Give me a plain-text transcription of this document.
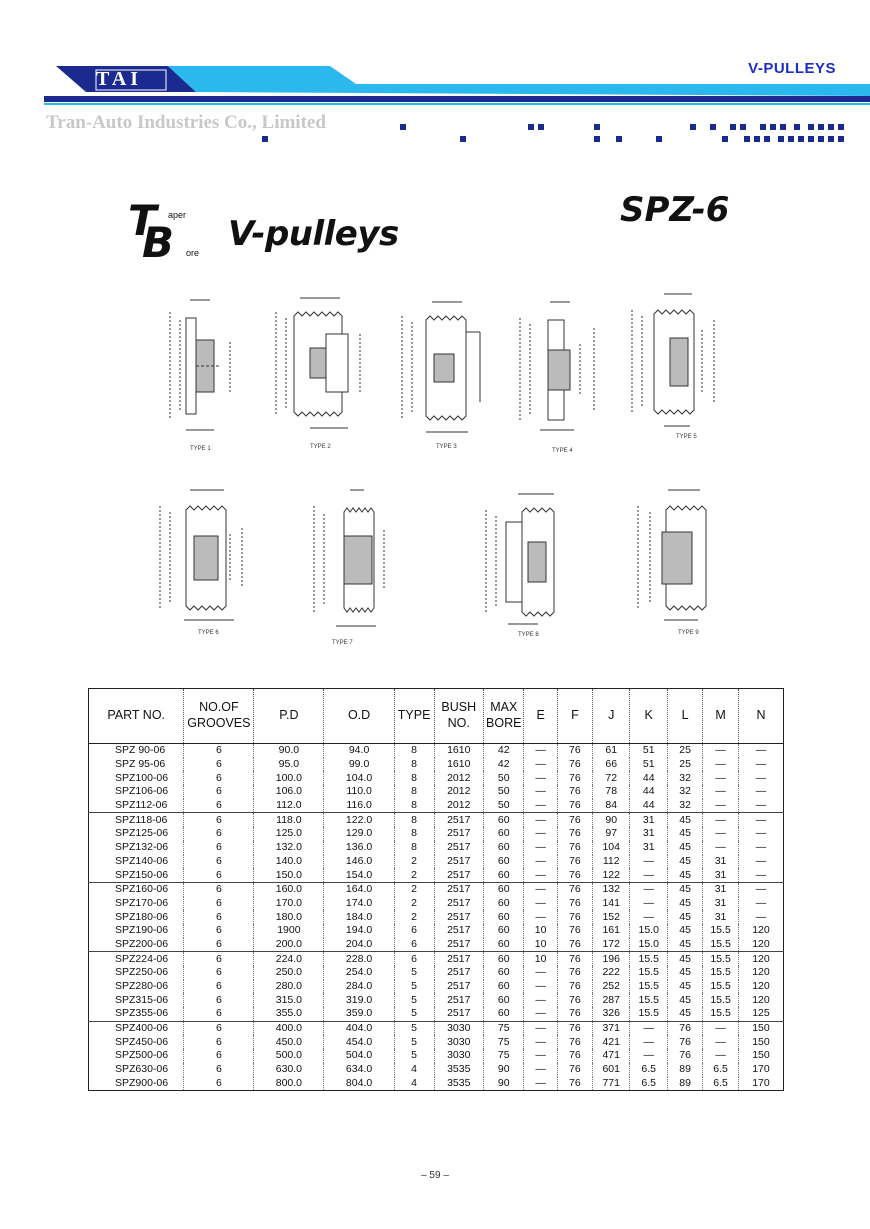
TAI	V-PULLEYS
Tran-Auto Industries Co., Limited
T aper
B ore V-pulleys
SPZ-6
TYPE 1	TYPE 2	TYPE 3
TYPE 4
TYPE 5
TYPE 6
TYPE 7
TYPE 8	TYPE 9
PART NO.	NO.OF GROOVES	P.D	O.D	TYPE	BUSH NO.	MAX BORE	E	F	J	K	L	M	N
SPZ 90-06	6	90.0	94.0	8	1610	42	—	76	61	51	25	—	—
SPZ 95-06	6	95.0	99.0	8	1610	42	—	76	66	51	25	—	—
SPZ100-06	6	100.0	104.0	8	2012	50	—	76	72	44	32	—	—
SPZ106-06	6	106.0	110.0	8	2012	50	—	76	78	44	32	—	—
SPZ112-06	6	112.0	116.0	8	2012	50	—	76	84	44	32	—	—
SPZ118-06	6	118.0	122.0	8	2517	60	—	76	90	31	45	—	—
SPZ125-06	6	125.0	129.0	8	2517	60	—	76	97	31	45	—	—
SPZ132-06	6	132.0	136.0	8	2517	60	—	76	104	31	45	—	—
SPZ140-06	6	140.0	146.0	2	2517	60	—	76	112	—	45	31	—
SPZ150-06	6	150.0	154.0	2	2517	60	—	76	122	—	45	31	—
SPZ160-06	6	160.0	164.0	2	2517	60	—	76	132	—	45	31	—
SPZ170-06	6	170.0	174.0	2	2517	60	—	76	141	—	45	31	—
SPZ180-06	6	180.0	184.0	2	2517	60	—	76	152	—	45	31	—
SPZ190-06	6	1900	194.0	6	2517	60	10	76	161	15.0	45	15.5	120
SPZ200-06	6	200.0	204.0	6	2517	60	10	76	172	15.0	45	15.5	120
SPZ224-06	6	224.0	228.0	6	2517	60	10	76	196	15.5	45	15.5	120
SPZ250-06	6	250.0	254.0	5	2517	60	—	76	222	15.5	45	15.5	120
SPZ280-06	6	280.0	284.0	5	2517	60	—	76	252	15.5	45	15.5	120
SPZ315-06	6	315.0	319.0	5	2517	60	—	76	287	15.5	45	15.5	120
SPZ355-06	6	355.0	359.0	5	2517	60	—	76	326	15.5	45	15.5	125
SPZ400-06	6	400.0	404.0	5	3030	75	—	76	371	—	76	—	150
SPZ450-06	6	450.0	454.0	5	3030	75	—	76	421	—	76	—	150
SPZ500-06	6	500.0	504.0	5	3030	75	—	76	471	—	76	—	150
SPZ630-06	6	630.0	634.0	4	3535	90	—	76	601	6.5	89	6.5	170
SPZ900-06	6	800.0	804.0	4	3535	90	—	76	771	6.5	89	6.5	170
– 59 –
